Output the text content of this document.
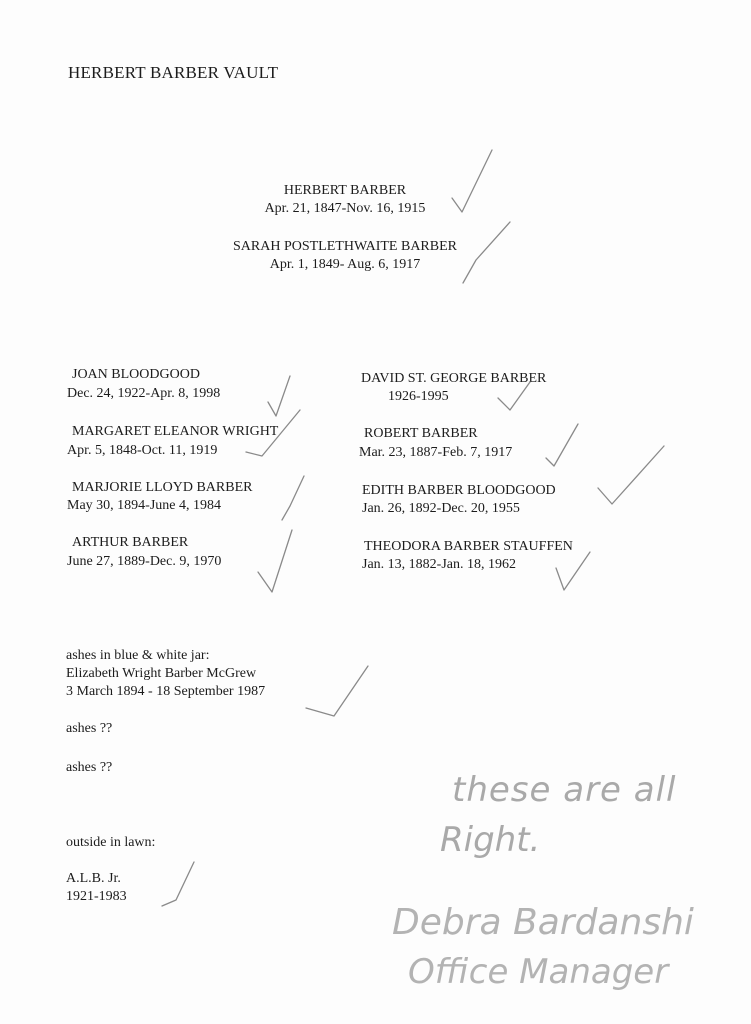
HERBERT BARBER VAULT
HERBERT BARBER
Apr. 21, 1847-Nov. 16, 1915
SARAH POSTLETHWAITE BARBER
Apr. 1, 1849- Aug. 6, 1917
JOAN BLOODGOOD
Dec. 24, 1922-Apr. 8, 1998
MARGARET ELEANOR WRIGHT
Apr. 5, 1848-Oct. 11, 1919
MARJORIE LLOYD BARBER
May 30, 1894-June 4, 1984
ARTHUR BARBER
June 27, 1889-Dec. 9, 1970
DAVID ST. GEORGE BARBER
1926-1995
ROBERT BARBER
Mar. 23, 1887-Feb. 7, 1917
EDITH BARBER BLOODGOOD
Jan. 26, 1892-Dec. 20, 1955
THEODORA BARBER STAUFFEN
Jan. 13, 1882-Jan. 18, 1962
ashes in blue & white jar:
Elizabeth Wright Barber McGrew
3 March 1894 - 18 September 1987
ashes ??
ashes ??
outside in lawn:
A.L.B. Jr.
1921-1983
these are all
Right.
Debra Bardanshi
Office Manager
